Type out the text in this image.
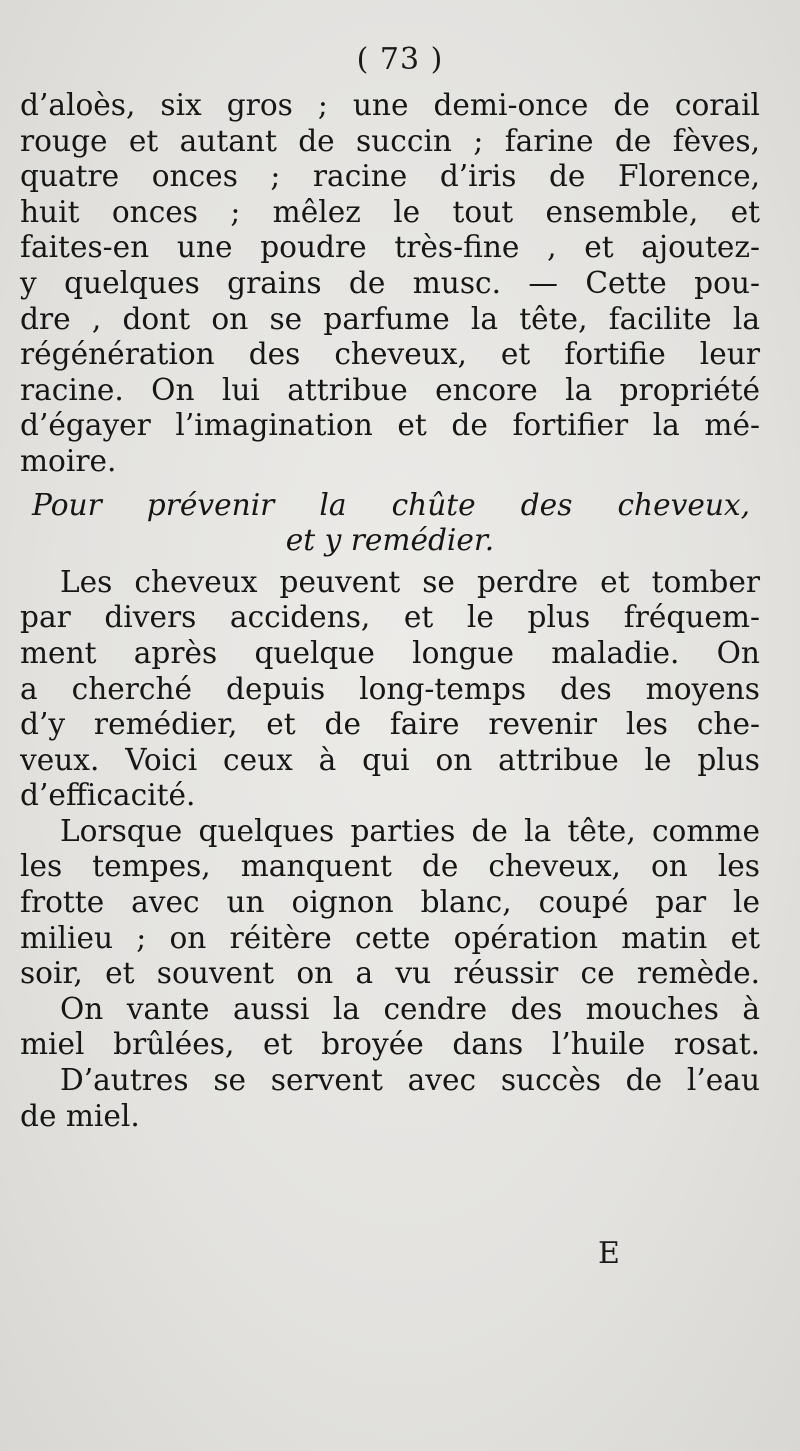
( 73 )
d’aloès, six gros ; une demi-once de corail
rouge et autant de succin ; farine de fèves,
quatre onces ; racine d’iris de Florence,
huit onces ; mêlez le tout ensemble, et
faites-en une poudre très-fine , et ajoutez-
y quelques grains de musc. — Cette pou-
dre , dont on se parfume la tête, facilite la
régénération des cheveux, et fortifie leur
racine. On lui attribue encore la propriété
d’égayer l’imagination et de fortifier la mé-
moire.
Pour prévenir la chûte des cheveux,
et y remédier.
Les cheveux peuvent se perdre et tomber
par divers accidens, et le plus fréquem-
ment après quelque longue maladie. On
a cherché depuis long-temps des moyens
d’y remédier, et de faire revenir les che-
veux. Voici ceux à qui on attribue le plus
d’efficacité.
Lorsque quelques parties de la tête, comme
les tempes, manquent de cheveux, on les
frotte avec un oignon blanc, coupé par le
milieu ; on réitère cette opération matin et
soir, et souvent on a vu réussir ce remède.
On vante aussi la cendre des mouches à
miel brûlées, et broyée dans l’huile rosat.
D’autres se servent avec succès de l’eau
de miel.
E
